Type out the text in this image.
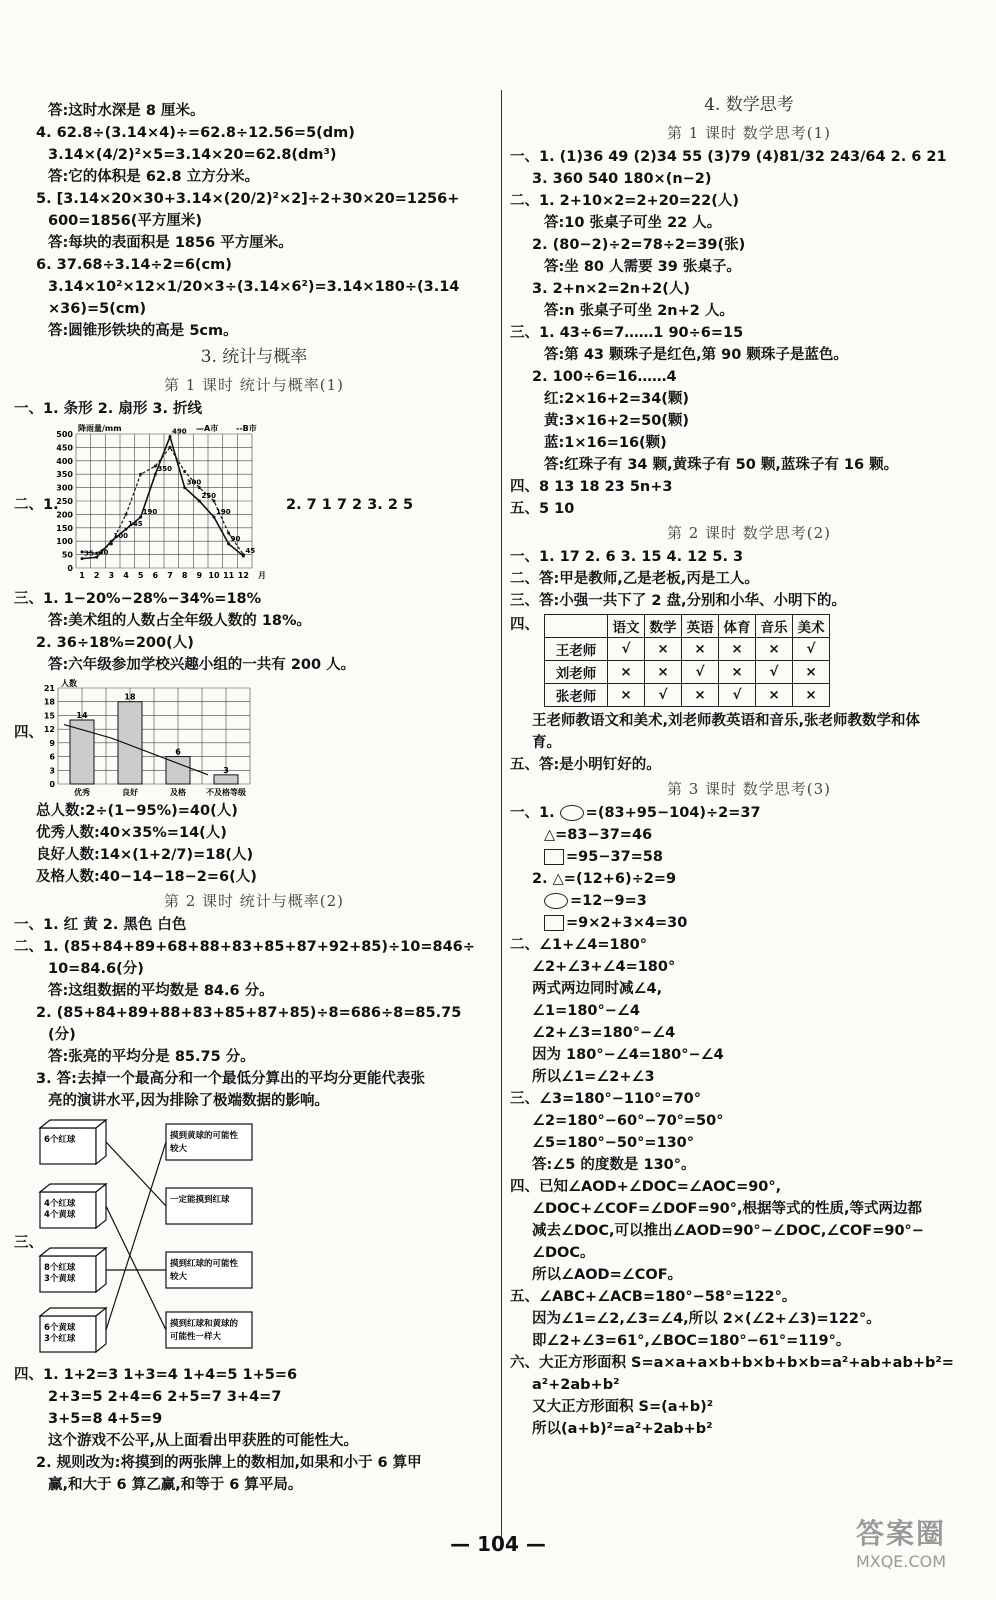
答:这时水深是 8 厘米。
4. 62.8÷(3.14×4)÷=62.8÷12.56=5(dm)
3.14×(4/2)²×5=3.14×20=62.8(dm³)
答:它的体积是 62.8 立方分米。
5. [3.14×20×30+3.14×(20/2)²×2]÷2+30×20=1256+
600=1856(平方厘米)
答:每块的表面积是 1856 平方厘米。
6. 37.68÷3.14÷2=6(cm)
3.14×10²×12×1/20×3÷(3.14×6²)=3.14×180÷(3.14
×36)=5(cm)
答:圆锥形铁块的高是 5cm。
3. 统计与概率
第 1 课时 统计与概率(1)
一、1. 条形 2. 扇形 3. 折线
二、1.
0
50
100
150
200
250
300
350
400
450
500
1 2 3 4 5 6 7 8 9 10 11 12 月
降雨量/mm	—A市 --B市
35 40
100
145
190
350
490
300
250
190
90
45
2. 7 1 7 2 3. 2 5
三、1. 1−20%−28%−34%=18%
答:美术组的人数占全年级人数的 18%。
2. 36÷18%=200(人)
答:六年级参加学校兴趣小组的一共有 200 人。
四、
0
3
6
9
12
15
18
21
人数
14
优秀
18
良好
6
及格
3
不及格等级
总人数:2÷(1−95%)=40(人)
优秀人数:40×35%=14(人)
良好人数:14×(1+2/7)=18(人)
及格人数:40−14−18−2=6(人)
第 2 课时 统计与概率(2)
一、1. 红 黄 2. 黑色 白色
二、1. (85+84+89+68+88+83+85+87+92+85)÷10=846÷
10=84.6(分)
答:这组数据的平均数是 84.6 分。
2. (85+84+89+88+83+85+87+85)÷8=686÷8=85.75
(分)
答:张亮的平均分是 85.75 分。
3. 答:去掉一个最高分和一个最低分算出的平均分更能代表张
亮的演讲水平,因为排除了极端数据的影响。
三、
6个红球
4个红球
4个黄球
8个红球
3个黄球
6个黄球
3个红球
摸到黄球的可能性
较大
一定能摸到红球
摸到红球的可能性
较大
摸到红球和黄球的
可能性一样大
四、1. 1+2=3 1+3=4 1+4=5 1+5=6
2+3=5 2+4=6 2+5=7 3+4=7
3+5=8 4+5=9
这个游戏不公平,从上面看出甲获胜的可能性大。
2. 规则改为:将摸到的两张牌上的数相加,如果和小于 6 算甲
赢,和大于 6 算乙赢,和等于 6 算平局。
4. 数学思考
第 1 课时 数学思考(1)
一、1. (1)36 49 (2)34 55 (3)79 (4)81/32 243/64 2. 6 21
3. 360 540 180×(n−2)
二、1. 2+10×2=2+20=22(人)
答:10 张桌子可坐 22 人。
2. (80−2)÷2=78÷2=39(张)
答:坐 80 人需要 39 张桌子。
3. 2+n×2=2n+2(人)
答:n 张桌子可坐 2n+2 人。
三、1. 43÷6=7……1 90÷6=15
答:第 43 颗珠子是红色,第 90 颗珠子是蓝色。
2. 100÷6=16……4
红:2×16+2=34(颗)
黄:3×16+2=50(颗)
蓝:1×16=16(颗)
答:红珠子有 34 颗,黄珠子有 50 颗,蓝珠子有 16 颗。
四、8 13 18 23 5n+3
五、5 10
第 2 课时 数学思考(2)
一、1. 17 2. 6 3. 15 4. 12 5. 3
二、答:甲是教师,乙是老板,丙是工人。
三、答:小强一共下了 2 盘,分别和小华、小明下的。
四、
		语文	数学	英语	体育	音乐	美术
王老师	√	×	×	×	×	√
刘老师	×	×	√	×	√	×
张老师	×	√	×	√	×	×
王老师教语文和美术,刘老师教英语和音乐,张老师教数学和体
育。
五、答:是小明钉好的。
第 3 课时 数学思考(3)
一、1. =(83+95−104)÷2=37
△=83−37=46
=95−37=58
2. △=(12+6)÷2=9
=12−9=3
=9×2+3×4=30
二、∠1+∠4=180°
∠2+∠3+∠4=180°
两式两边同时减∠4,
∠1=180°−∠4
∠2+∠3=180°−∠4
因为 180°−∠4=180°−∠4
所以∠1=∠2+∠3
三、∠3=180°−110°=70°
∠2=180°−60°−70°=50°
∠5=180°−50°=130°
答:∠5 的度数是 130°。
四、已知∠AOD+∠DOC=∠AOC=90°,
∠DOC+∠COF=∠DOF=90°,根据等式的性质,等式两边都
减去∠DOC,可以推出∠AOD=90°−∠DOC,∠COF=90°−
∠DOC。
所以∠AOD=∠COF。
五、∠ABC+∠ACB=180°−58°=122°。
因为∠1=∠2,∠3=∠4,所以 2×(∠2+∠3)=122°。
即∠2+∠3=61°,∠BOC=180°−61°=119°。
六、大正方形面积 S=a×a+a×b+b×b+b×b=a²+ab+ab+b²=
a²+2ab+b²
又大正方形面积 S=(a+b)²
所以(a+b)²=a²+2ab+b²
— 104 —	答案圈
MXQE.COM
